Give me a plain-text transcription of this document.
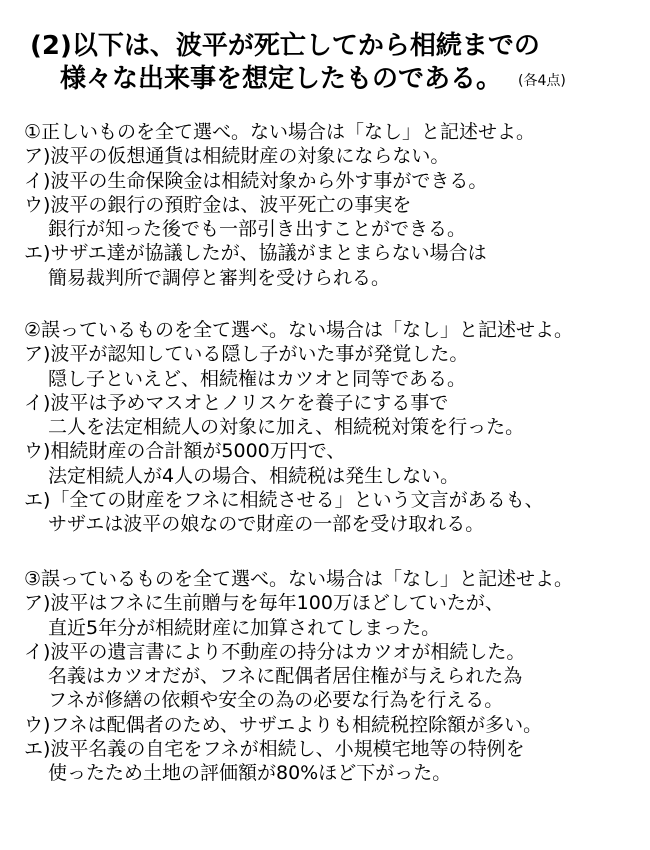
(2)以下は、波平が死亡してから相続までの
様々な出来事を想定したものである。 (各4点)
①正しいものを全て選べ。ない場合は「なし」と記述せよ。
ア)波平の仮想通貨は相続財産の対象にならない。
イ)波平の生命保険金は相続対象から外す事ができる。
ウ)波平の銀行の預貯金は、波平死亡の事実を
銀行が知った後でも一部引き出すことができる。
エ)サザエ達が協議したが、協議がまとまらない場合は
簡易裁判所で調停と審判を受けられる。
②誤っているものを全て選べ。ない場合は「なし」と記述せよ。
ア)波平が認知している隠し子がいた事が発覚した。
隠し子といえど、相続権はカツオと同等である。
イ)波平は予めマスオとノリスケを養子にする事で
二人を法定相続人の対象に加え、相続税対策を行った。
ウ)相続財産の合計額が5000万円で、
法定相続人が4人の場合、相続税は発生しない。
エ)「全ての財産をフネに相続させる」という文言があるも、
サザエは波平の娘なので財産の一部を受け取れる。
③誤っているものを全て選べ。ない場合は「なし」と記述せよ。
ア)波平はフネに生前贈与を毎年100万ほどしていたが、
直近5年分が相続財産に加算されてしまった。
イ)波平の遺言書により不動産の持分はカツオが相続した。
名義はカツオだが、フネに配偶者居住権が与えられた為
フネが修繕の依頼や安全の為の必要な行為を行える。
ウ)フネは配偶者のため、サザエよりも相続税控除額が多い。
エ)波平名義の自宅をフネが相続し、小規模宅地等の特例を
使ったため土地の評価額が80%ほど下がった。
